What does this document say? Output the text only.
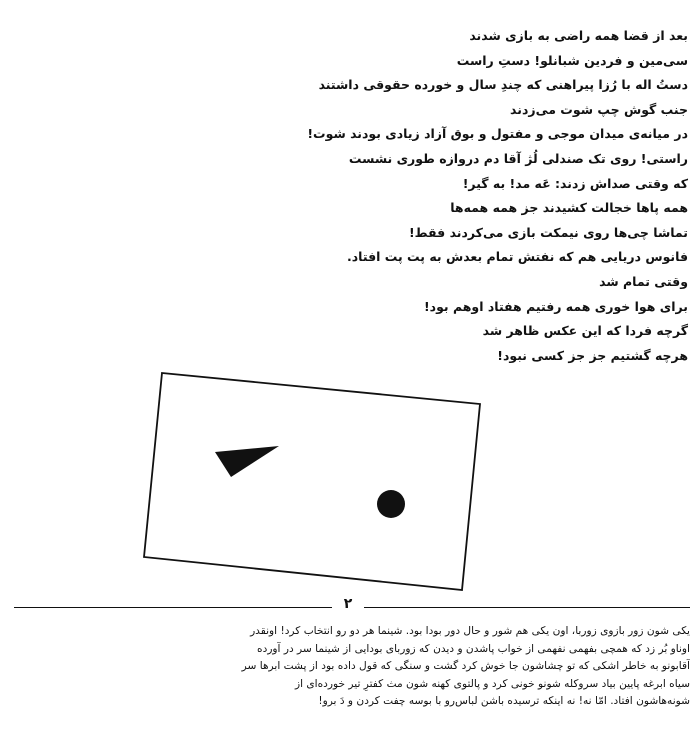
بعد از قضا همه راضی به بازی شدند
سی‌مین و فردین شبانلو! دستِ راست
دستُ اله با رُزا پیراهنی که چندِ سال و خورده حقوقی داشتند
جنب گوش چپ شوت می‌زدند
در میانه‌ی میدان موجی و مفتول و بوق آزاد زیادی بودند شوت!
راستی! روی تک صندلی لُژ آقا دم دروازه طوری نشست
که وقتی صداش زدند: عَه مد! به گیر!
همه پاها خجالت کشیدند جز همه همه‌ها
تماشا چی‌ها روی نیمکت بازی می‌کردند فقط!
فانوس دریایی هم که نفتش تمام بعدش به پت پت افتاد.
وقتی تمام شد
برای هوا خوری همه رفتیم هفتاد اوهم بود!
گرچه فردا که این عکس ظاهر شد
هرچه گشتیم جز جز کسی نبود!
۲
یکی شون زور بازوی زوربا، اون یکی هم شور و حال دور بودا بود. شینما هر دو رو انتخاب کرد! اونقدر
اوناو بُر زد که همچی بفهمی نفهمی از خواب پاشدن و دیدن که زوربای بودایی از شینما سر در آورده
آقابونو به خاطر اشکی که تو چشاشون جا خوش کرد گشت و سنگی که قول داده بود از پشت ابرها سر
سیاه ابرغه پایین بیاد سروکله شونو خونی کرد و پالتوی کهنه شون مث کفترِ تیر خورده‌ای از
شونه‌هاشون افتاد. امّا نه! نه اینکه ترسیده باشن لباس‌رو با بوسه چفت کردن و دَ برو!
